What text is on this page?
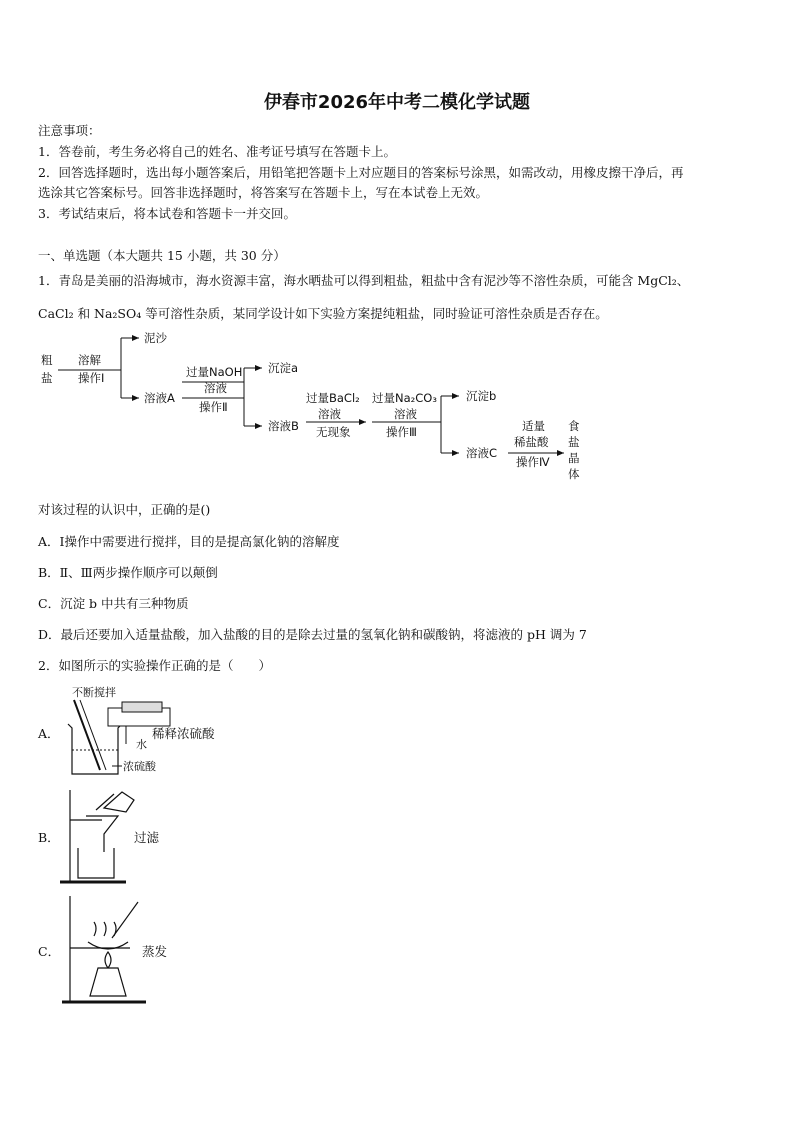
伊春市2026年中考二模化学试题
注意事项：
1．答卷前，考生务必将自己的姓名、准考证号填写在答题卡上。
2．回答选择题时，选出每小题答案后，用铅笔把答题卡上对应题目的答案标号涂黑，如需改动，用橡皮擦干净后，再
选涂其它答案标号。回答非选择题时，将答案写在答题卡上，写在本试卷上无效。
3．考试结束后，将本试卷和答题卡一并交回。
一、单选题（本大题共 15 小题，共 30 分）
1．青岛是美丽的沿海城市，海水资源丰富，海水晒盐可以得到粗盐，粗盐中含有泥沙等不溶性杂质，可能含 MgCl₂、
CaCl₂ 和 Na₂SO₄ 等可溶性杂质，某同学设计如下实验方案提纯粗盐，同时验证可溶性杂质是否存在。
粗
盐
溶解
操作Ⅰ
泥沙
溶液A
过量NaOH
溶液
操作Ⅱ
沉淀a
溶液B
过量BaCl₂
溶液
无现象
过量Na₂CO₃
溶液
操作Ⅲ
沉淀b
溶液C
适量
稀盐酸
操作Ⅳ
食
盐
晶
体
对该过程的认识中，正确的是()
A．Ⅰ操作中需要进行搅拌，目的是提高氯化钠的溶解度
B．Ⅱ、Ⅲ两步操作顺序可以颠倒
C．沉淀 b 中共有三种物质
D．最后还要加入适量盐酸，加入盐酸的目的是除去过量的氢氧化钠和碳酸钠，将滤液的 pH 调为 7
2．如图所示的实验操作正确的是（　　）
A．
不断搅拌
水
浓硫酸
稀释浓硫酸
B．	过滤
C．	蒸发
